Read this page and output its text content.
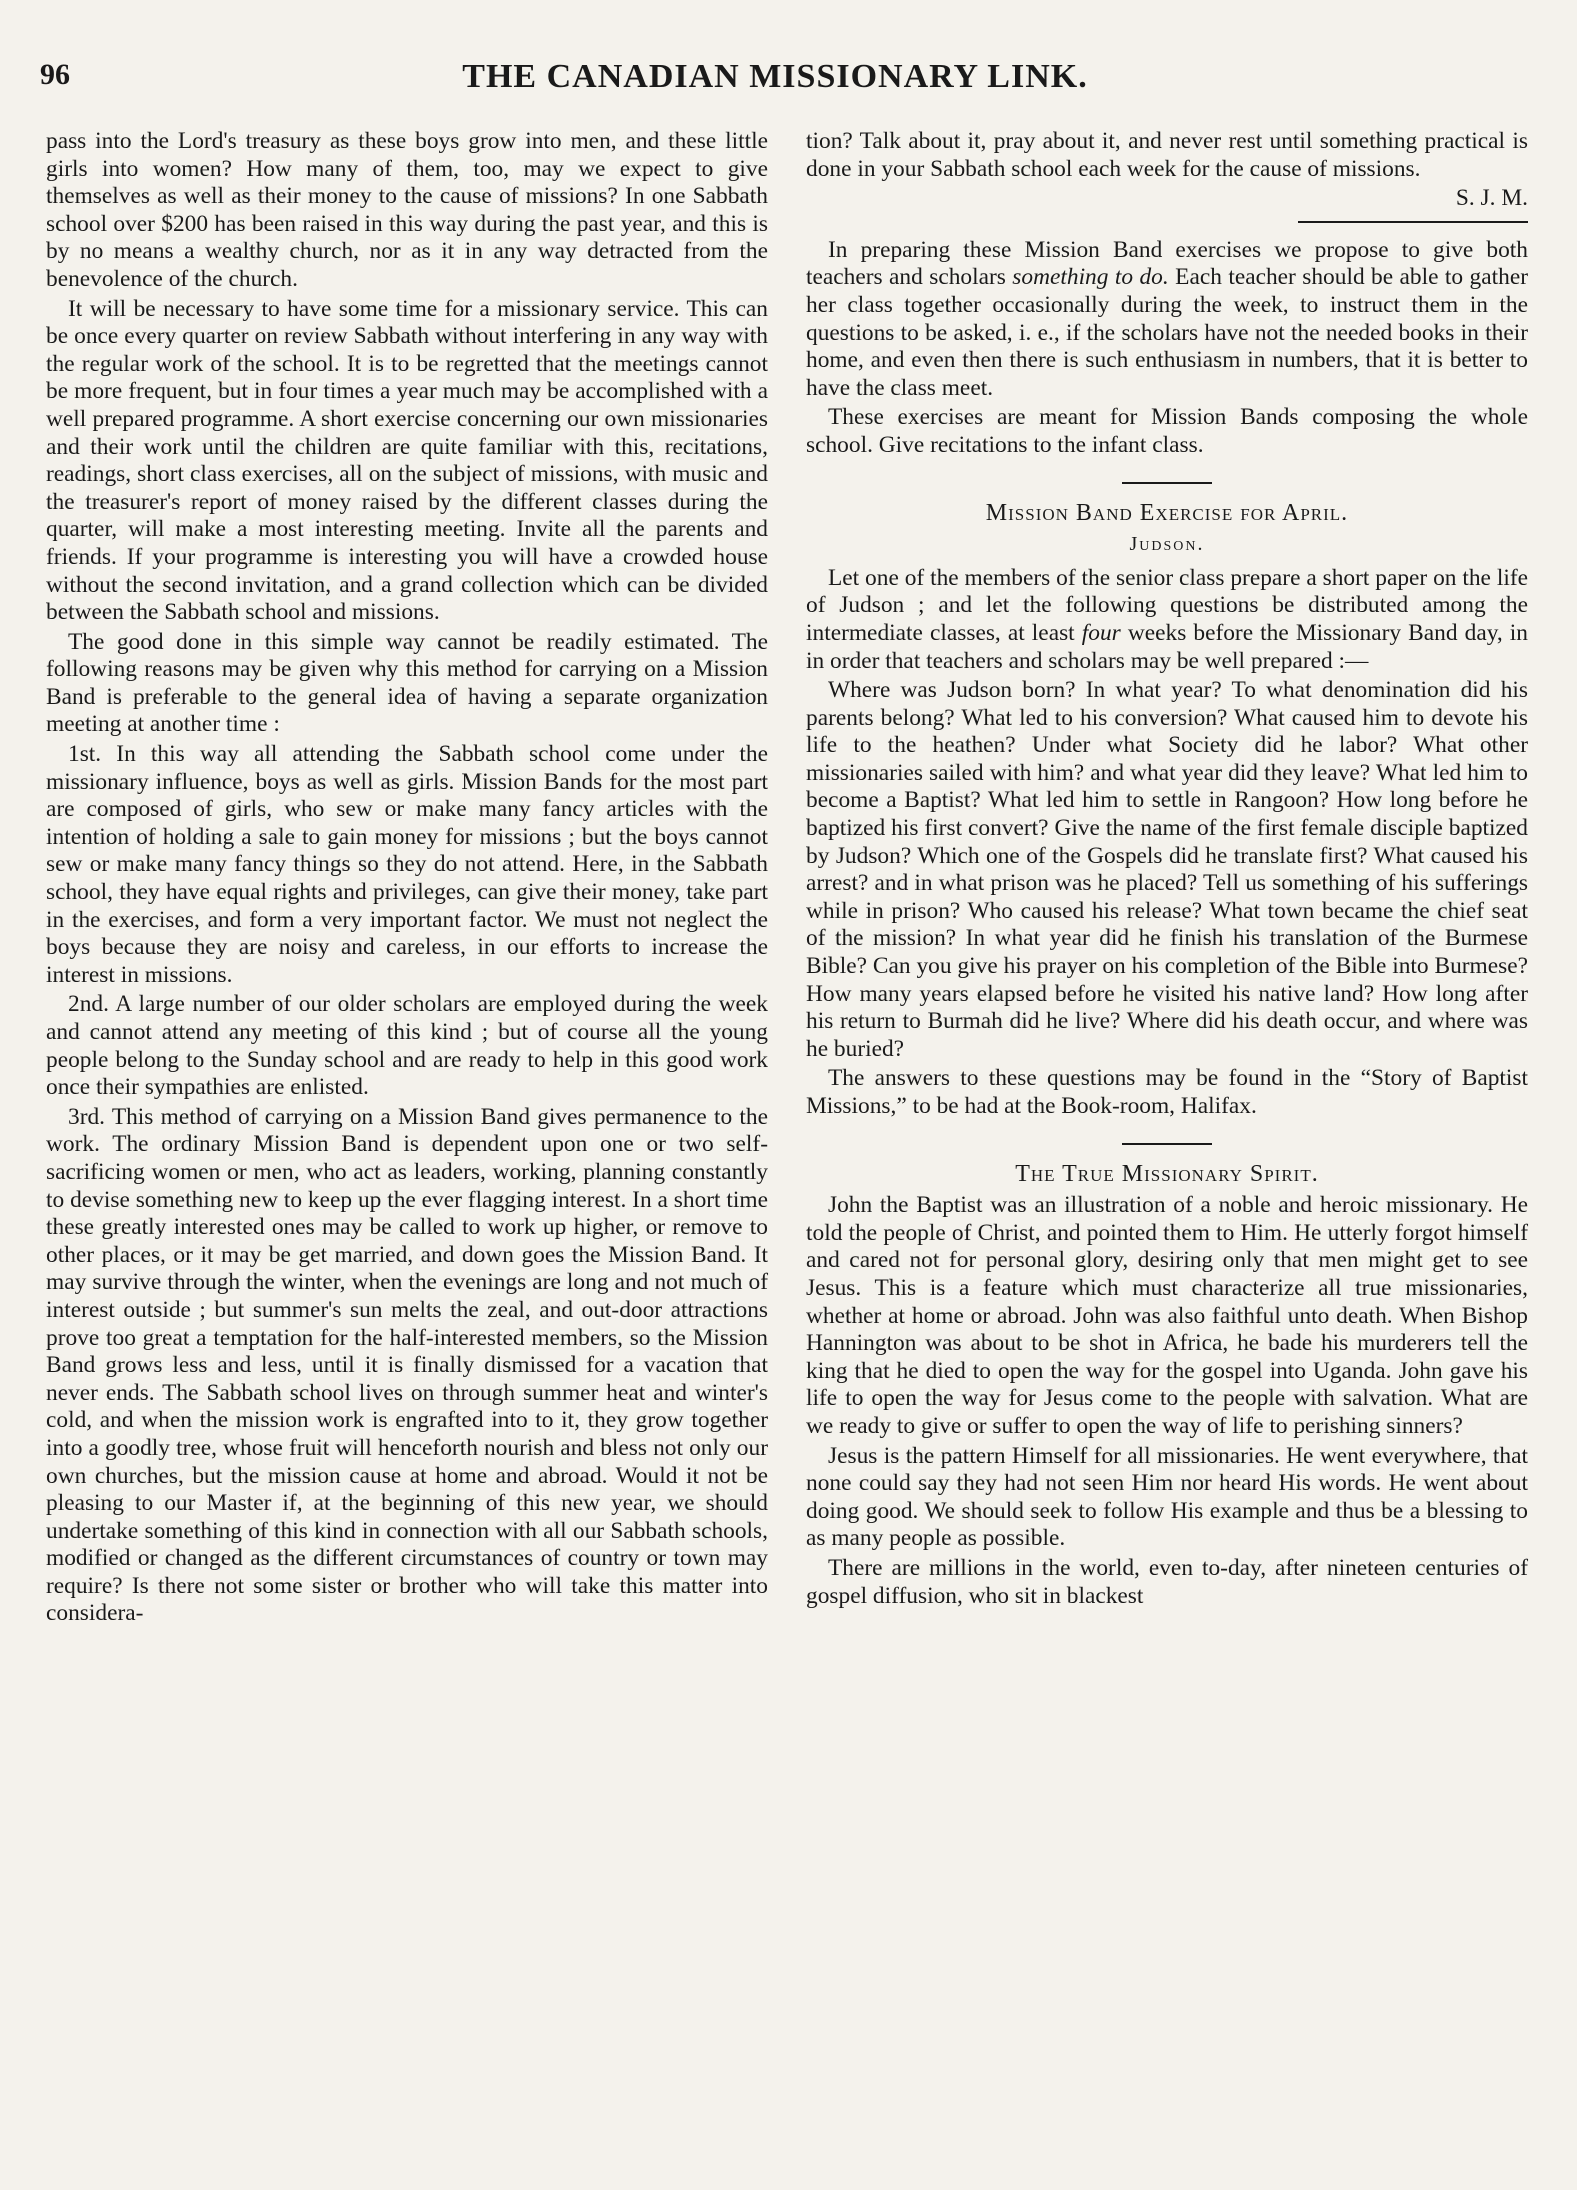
96	THE CANADIAN MISSIONARY LINK.

pass into the Lord's treasury as these boys grow into men, and these little girls into women? How many of them, too, may we expect to give themselves as well as their money to the cause of missions? In one Sabbath school over $200 has been raised in this way during the past year, and this is by no means a wealthy church, nor as it in any way detracted from the benevolence of the church.

It will be necessary to have some time for a missionary service. This can be once every quarter on review Sabbath without interfering in any way with the regular work of the school. It is to be regretted that the meetings cannot be more frequent, but in four times a year much may be accomplished with a well prepared programme. A short exercise concerning our own missionaries and their work until the children are quite familiar with this, recitations, readings, short class exercises, all on the subject of missions, with music and the treasurer's report of money raised by the different classes during the quarter, will make a most interesting meeting. Invite all the parents and friends. If your programme is interesting you will have a crowded house without the second invitation, and a grand collection which can be divided between the Sabbath school and missions.

The good done in this simple way cannot be readily estimated. The following reasons may be given why this method for carrying on a Mission Band is preferable to the general idea of having a separate organization meeting at another time :

1st. In this way all attending the Sabbath school come under the missionary influence, boys as well as girls. Mission Bands for the most part are composed of girls, who sew or make many fancy articles with the intention of holding a sale to gain money for missions ; but the boys cannot sew or make many fancy things so they do not attend. Here, in the Sabbath school, they have equal rights and privileges, can give their money, take part in the exercises, and form a very important factor. We must not neglect the boys because they are noisy and careless, in our efforts to increase the interest in missions.

2nd. A large number of our older scholars are employed during the week and cannot attend any meeting of this kind ; but of course all the young people belong to the Sunday school and are ready to help in this good work once their sympathies are enlisted.

3rd. This method of carrying on a Mission Band gives permanence to the work. The ordinary Mission Band is dependent upon one or two self-sacrificing women or men, who act as leaders, working, planning constantly to devise something new to keep up the ever flagging interest. In a short time these greatly interested ones may be called to work up higher, or remove to other places, or it may be get married, and down goes the Mission Band. It may survive through the winter, when the evenings are long and not much of interest outside ; but summer's sun melts the zeal, and out-door attractions prove too great a temptation for the half-interested members, so the Mission Band grows less and less, until it is finally dismissed for a vacation that never ends. The Sabbath school lives on through summer heat and winter's cold, and when the mission work is engrafted into to it, they grow together into a goodly tree, whose fruit will henceforth nourish and bless not only our own churches, but the mission cause at home and abroad. Would it not be pleasing to our Master if, at the beginning of this new year, we should undertake something of this kind in connection with all our Sabbath schools, modified or changed as the different circumstances of country or town may require? Is there not some sister or brother who will take this matter into considera-

tion? Talk about it, pray about it, and never rest until something practical is done in your Sabbath school each week for the cause of missions.

S. J. M.

In preparing these Mission Band exercises we propose to give both teachers and scholars something to do. Each teacher should be able to gather her class together occasionally during the week, to instruct them in the questions to be asked, i. e., if the scholars have not the needed books in their home, and even then there is such enthusiasm in numbers, that it is better to have the class meet.

These exercises are meant for Mission Bands composing the whole school. Give recitations to the infant class.

Mission Band Exercise for April.
Judson.

Let one of the members of the senior class prepare a short paper on the life of Judson ; and let the following questions be distributed among the intermediate classes, at least four weeks before the Missionary Band day, in in order that teachers and scholars may be well prepared :—

Where was Judson born? In what year? To what denomination did his parents belong? What led to his conversion? What caused him to devote his life to the heathen? Under what Society did he labor? What other missionaries sailed with him? and what year did they leave? What led him to become a Baptist? What led him to settle in Rangoon? How long before he baptized his first convert? Give the name of the first female disciple baptized by Judson? Which one of the Gospels did he translate first? What caused his arrest? and in what prison was he placed? Tell us something of his sufferings while in prison? Who caused his release? What town became the chief seat of the mission? In what year did he finish his translation of the Burmese Bible? Can you give his prayer on his completion of the Bible into Burmese? How many years elapsed before he visited his native land? How long after his return to Burmah did he live? Where did his death occur, and where was he buried?

The answers to these questions may be found in the “Story of Baptist Missions,” to be had at the Book-room, Halifax.

The True Missionary Spirit.

John the Baptist was an illustration of a noble and heroic missionary. He told the people of Christ, and pointed them to Him. He utterly forgot himself and cared not for personal glory, desiring only that men might get to see Jesus. This is a feature which must characterize all true missionaries, whether at home or abroad. John was also faithful unto death. When Bishop Hannington was about to be shot in Africa, he bade his murderers tell the king that he died to open the way for the gospel into Uganda. John gave his life to open the way for Jesus come to the people with salvation. What are we ready to give or suffer to open the way of life to perishing sinners?

Jesus is the pattern Himself for all missionaries. He went everywhere, that none could say they had not seen Him nor heard His words. He went about doing good. We should seek to follow His example and thus be a blessing to as many people as possible.

There are millions in the world, even to-day, after nineteen centuries of gospel diffusion, who sit in blackest
